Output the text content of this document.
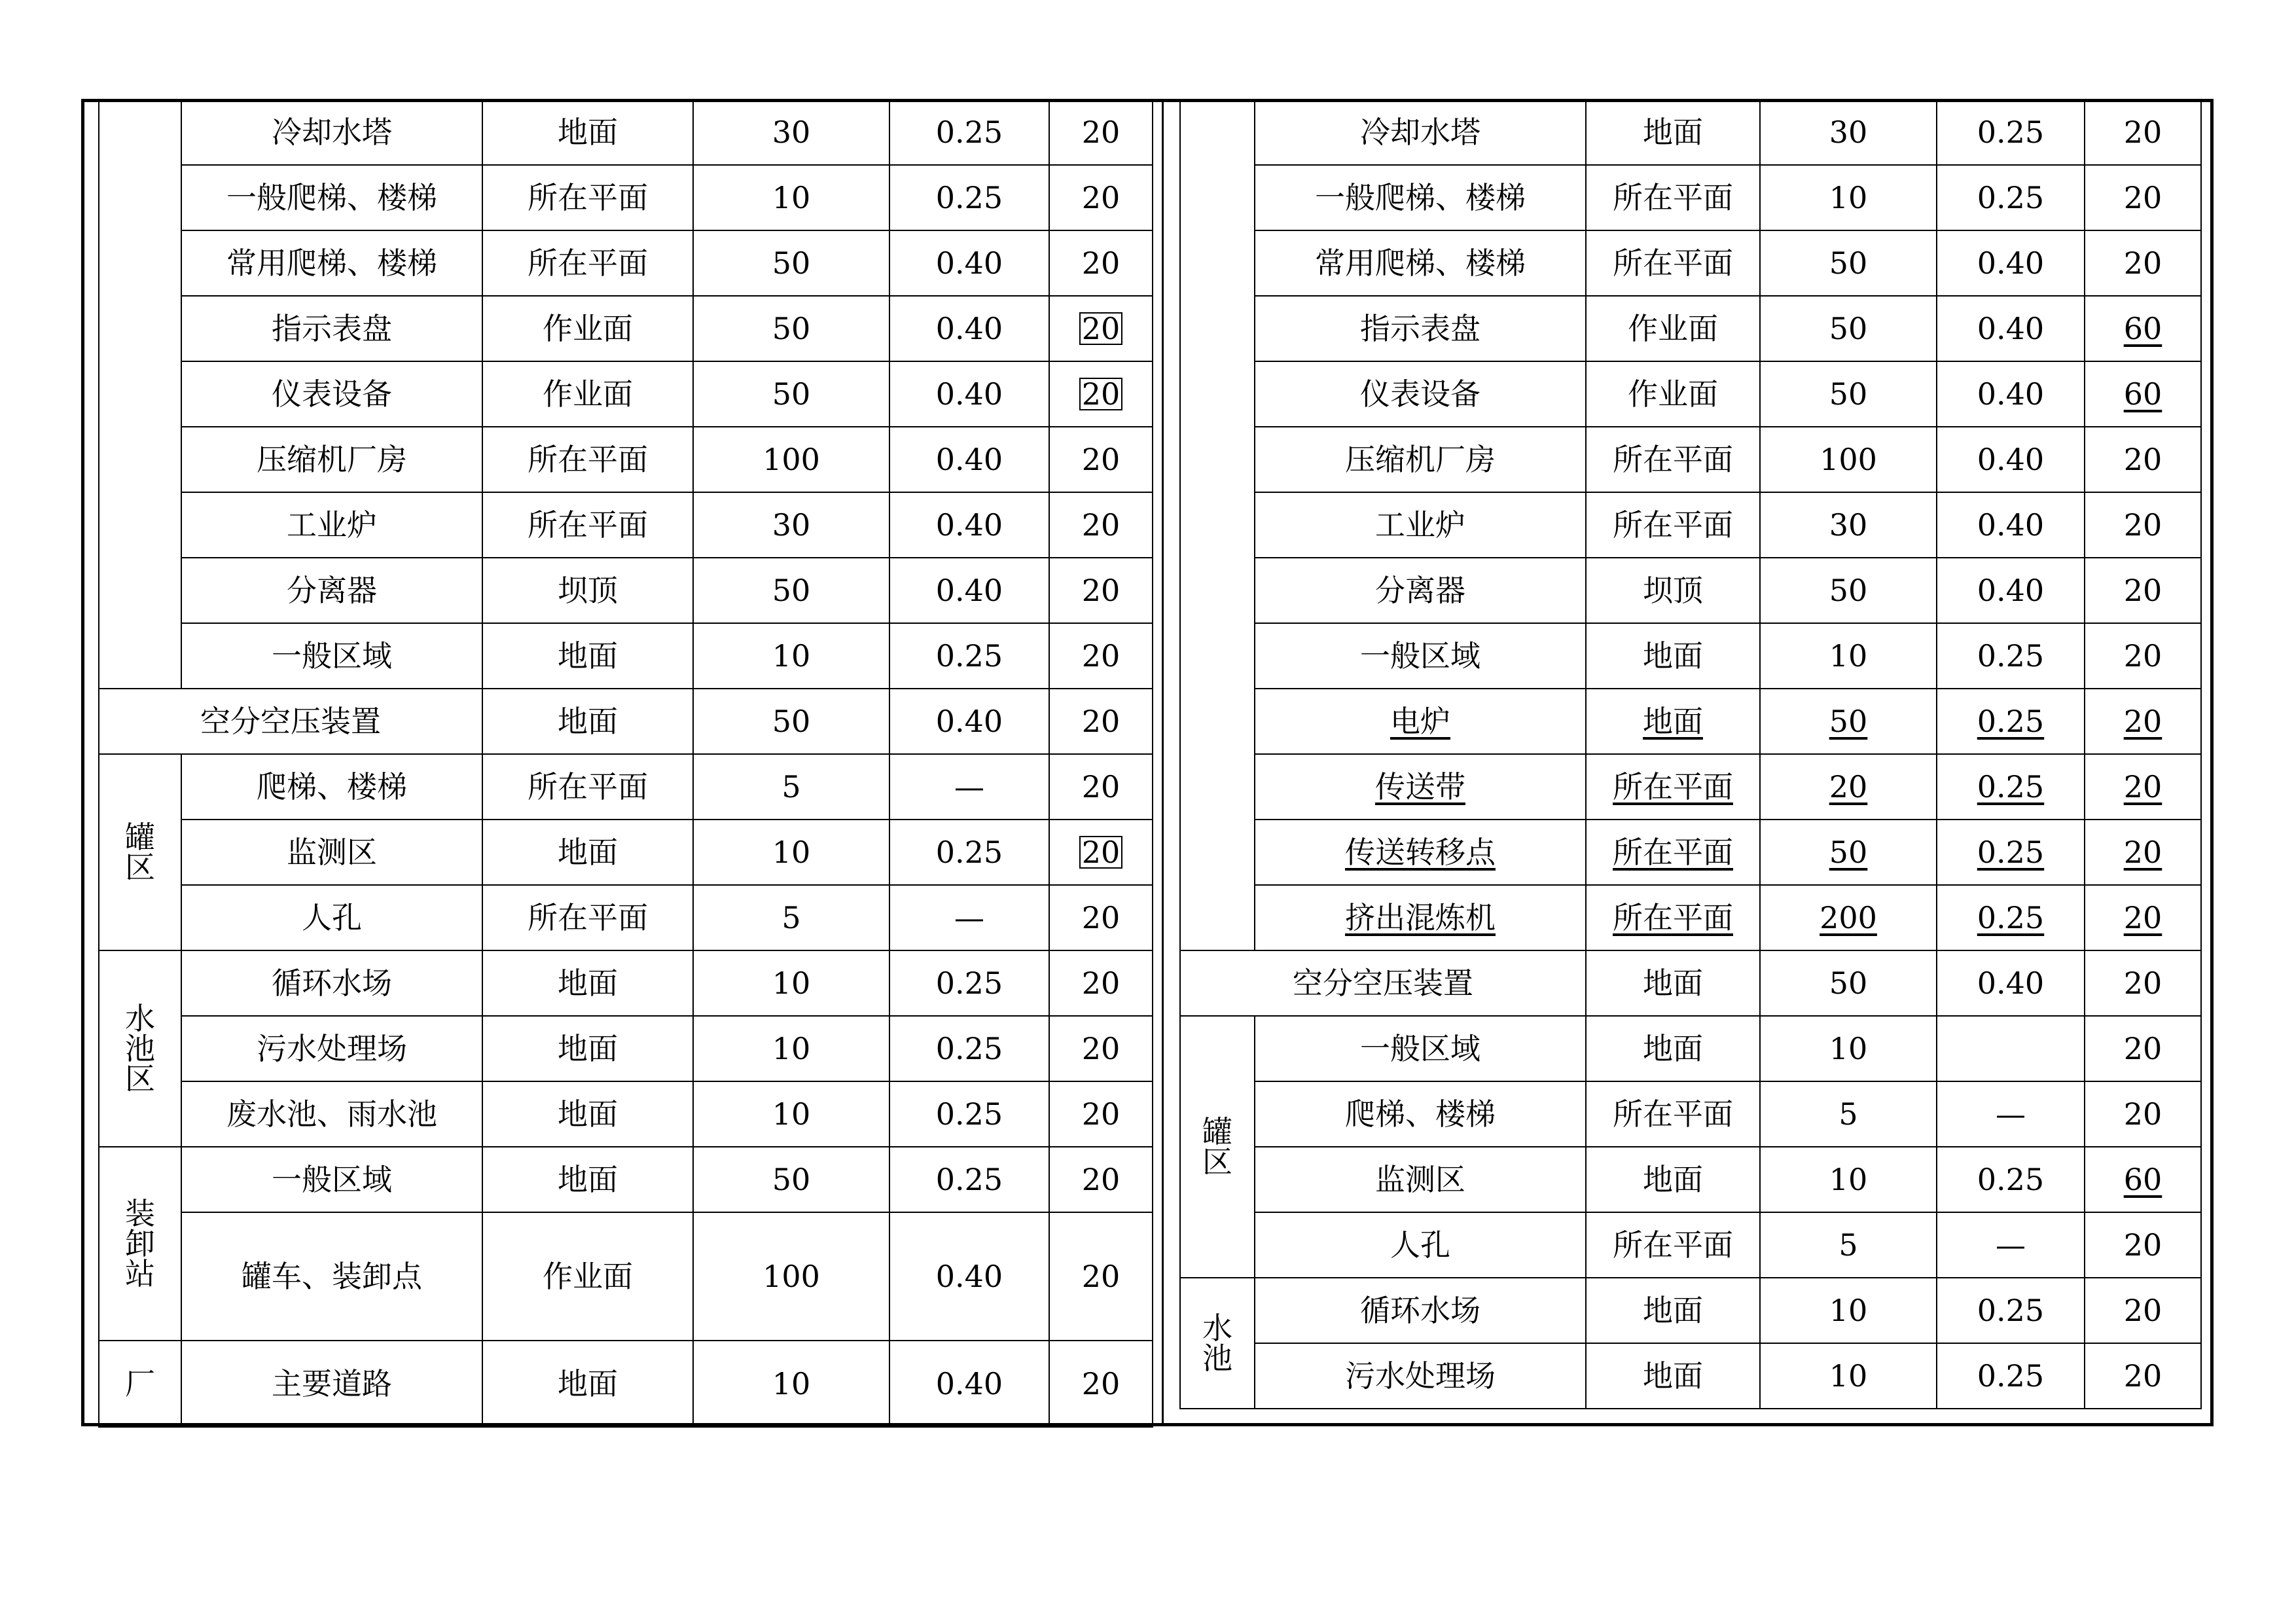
	冷却水塔	地面	30	0.25	20
	一般爬梯、楼梯	所在平面	10	0.25	20
	常用爬梯、楼梯	所在平面	50	0.40	20
	指示表盘	作业面	50	0.40	20
	仪表设备	作业面	50	0.40	20
	压缩机厂房	所在平面	100	0.40	20
	工业炉	所在平面	30	0.40	20
	分离器	坝顶	50	0.40	20
	一般区域	地面	10	0.25	20
空分空压装置		地面	50	0.40	20

罐
区	爬梯、楼梯	所在平面	5	—	20
	监测区	地面	10	0.25	20
	人孔	所在平面	5	—	20

水
池
区	循环水场	地面	10	0.25	20
	污水处理场	地面	10	0.25	20
	废水池、雨水池	地面	10	0.25	20

装
卸
站	一般区域	地面	50	0.25	20
	罐车、装卸点	作业面	100	0.40	20

厂	主要道路	地面	10	0.40	20
	冷却水塔	地面	30	0.25	20
	一般爬梯、楼梯	所在平面	10	0.25	20
	常用爬梯、楼梯	所在平面	50	0.40	20
	指示表盘	作业面	50	0.40	60
	仪表设备	作业面	50	0.40	60
	压缩机厂房	所在平面	100	0.40	20
	工业炉	所在平面	30	0.40	20
	分离器	坝顶	50	0.40	20
	一般区域	地面	10	0.25	20
	电炉	地面	50	0.25	20
	传送带	所在平面	20	0.25	20
	传送转移点	所在平面	50	0.25	20
	挤出混炼机	所在平面	200	0.25	20
空分空压装置		地面	50	0.40	20

罐
区	一般区域	地面	10		20
	爬梯、楼梯	所在平面	5	—	20
	监测区	地面	10	0.25	60
	人孔	所在平面	5	—	20

水
池	循环水场	地面	10	0.25	20
	污水处理场	地面	10	0.25	20
